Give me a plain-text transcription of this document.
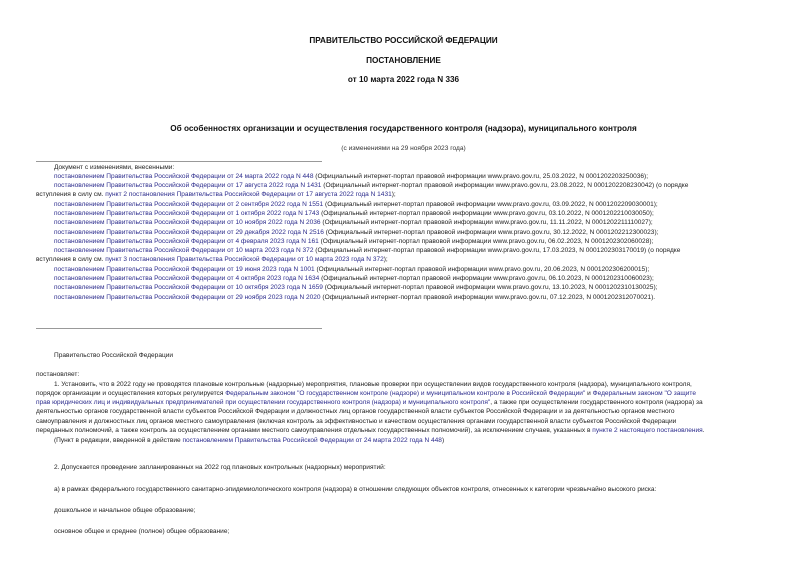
ПРАВИТЕЛЬСТВО РОССИЙСКОЙ ФЕДЕРАЦИИ
ПОСТАНОВЛЕНИЕ
от 10 марта 2022 года N 336
Об особенностях организации и осуществления государственного контроля (надзора), муниципального контроля
(с изменениями на 29 ноября 2023 года)
Документ с изменениями, внесенными:
постановлением Правительства Российской Федерации от 24 марта 2022 года N 448 (Официальный интернет-портал правовой информации www.pravo.gov.ru, 25.03.2022, N 0001202203250036);
постановлением Правительства Российской Федерации от 17 августа 2022 года N 1431 (Официальный интернет-портал правовой информации www.pravo.gov.ru, 23.08.2022, N 0001202208230042) (о порядке
вступления в силу см. пункт 2 постановления Правительства Российской Федерации от 17 августа 2022 года N 1431);
постановлением Правительства Российской Федерации от 2 сентября 2022 года N 1551 (Официальный интернет-портал правовой информации www.pravo.gov.ru, 03.09.2022, N 0001202209030001);
постановлением Правительства Российской Федерации от 1 октября 2022 года N 1743 (Официальный интернет-портал правовой информации www.pravo.gov.ru, 03.10.2022, N 0001202210030050);
постановлением Правительства Российской Федерации от 10 ноября 2022 года N 2036 (Официальный интернет-портал правовой информации www.pravo.gov.ru, 11.11.2022, N 0001202211110027);
постановлением Правительства Российской Федерации от 29 декабря 2022 года N 2516 (Официальный интернет-портал правовой информации www.pravo.gov.ru, 30.12.2022, N 0001202212300023);
постановлением Правительства Российской Федерации от 4 февраля 2023 года N 161 (Официальный интернет-портал правовой информации www.pravo.gov.ru, 06.02.2023, N 0001202302060028);
постановлением Правительства Российской Федерации от 10 марта 2023 года N 372 (Официальный интернет-портал правовой информации www.pravo.gov.ru, 17.03.2023, N 0001202303170019) (о порядке
вступления в силу см. пункт 3 постановления Правительства Российской Федерации от 10 марта 2023 года N 372);
постановлением Правительства Российской Федерации от 19 июня 2023 года N 1001 (Официальный интернет-портал правовой информации www.pravo.gov.ru, 20.06.2023, N 0001202306200015);
постановлением Правительства Российской Федерации от 4 октября 2023 года N 1634 (Официальный интернет-портал правовой информации www.pravo.gov.ru, 06.10.2023, N 0001202310060023);
постановлением Правительства Российской Федерации от 10 октября 2023 года N 1659 (Официальный интернет-портал правовой информации www.pravo.gov.ru, 13.10.2023, N 0001202310130025);
постановлением Правительства Российской Федерации от 29 ноября 2023 года N 2020 (Официальный интернет-портал правовой информации www.pravo.gov.ru, 07.12.2023, N 0001202312070021).
Правительство Российской Федерации
постановляет:
1. Установить, что в 2022 году не проводятся плановые контрольные (надзорные) мероприятия, плановые проверки при осуществлении видов государственного контроля (надзора), муниципального контроля,
порядок организации и осуществления которых регулируется Федеральным законом "О государственном контроле (надзоре) и муниципальном контроле в Российской Федерации" и Федеральным законом "О защите
прав юридических лиц и индивидуальных предпринимателей при осуществлении государственного контроля (надзора) и муниципального контроля", а также при осуществлении государственного контроля (надзора) за
деятельностью органов государственной власти субъектов Российской Федерации и должностных лиц органов государственной власти субъектов Российской Федерации и за деятельностью органов местного
самоуправления и должностных лиц органов местного самоуправления (включая контроль за эффективностью и качеством осуществления органами государственной власти субъектов Российской Федерации
переданных полномочий, а также контроль за осуществлением органами местного самоуправления отдельных государственных полномочий), за исключением случаев, указанных в пункте 2 настоящего постановления.
(Пункт в редакции, введенной в действие постановлением Правительства Российской Федерации от 24 марта 2022 года N 448)
2. Допускается проведение запланированных на 2022 год плановых контрольных (надзорных) мероприятий:
а) в рамках федерального государственного санитарно-эпидемиологического контроля (надзора) в отношении следующих объектов контроля, отнесенных к категории чрезвычайно высокого риска:
дошкольное и начальное общее образование;
основное общее и среднее (полное) общее образование;
